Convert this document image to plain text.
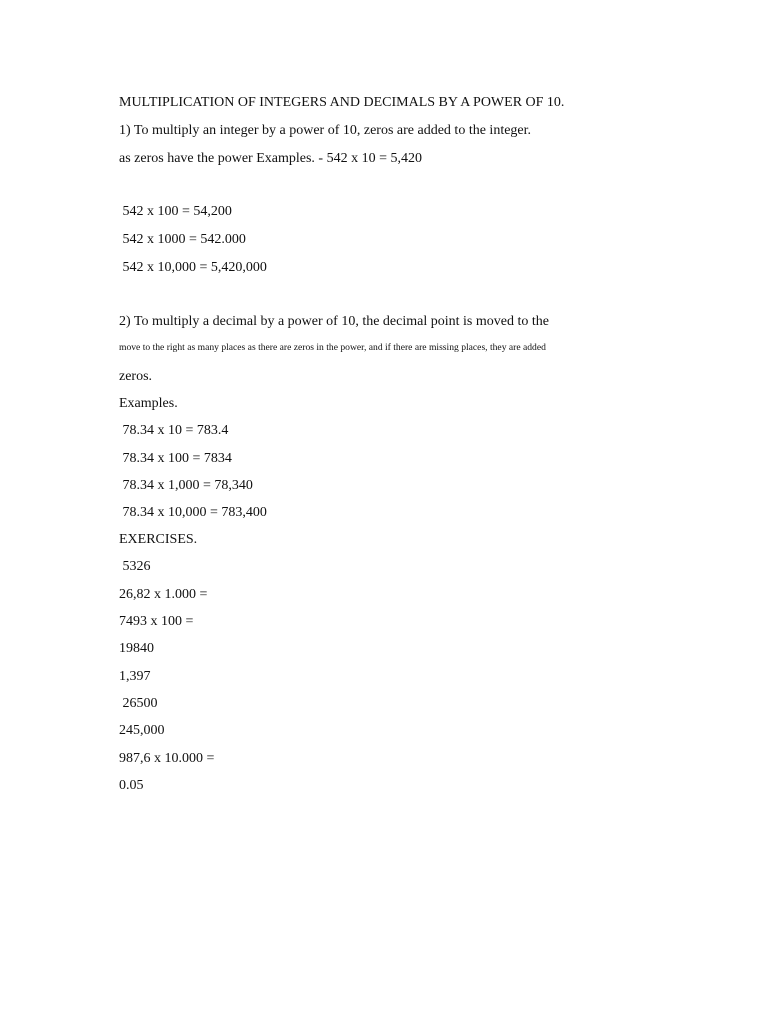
MULTIPLICATION OF INTEGERS AND DECIMALS BY A POWER OF 10.
1) To multiply an integer by a power of 10, zeros are added to the integer.
as zeros have the power Examples. - 542 x 10 = 5,420
542 x 100 = 54,200
542 x 1000 = 542.000
542 x 10,000 = 5,420,000
2) To multiply a decimal by a power of 10, the decimal point is moved to the
move to the right as many places as there are zeros in the power, and if there are missing places, they are added
zeros.
Examples.
78.34 x 10 = 783.4
78.34 x 100 = 7834
78.34 x 1,000 = 78,340
78.34 x 10,000 = 783,400
EXERCISES.
5326
26,82 x 1.000 =
7493 x 100 =
19840
1,397
26500
245,000
987,6 x 10.000 =
0.05
